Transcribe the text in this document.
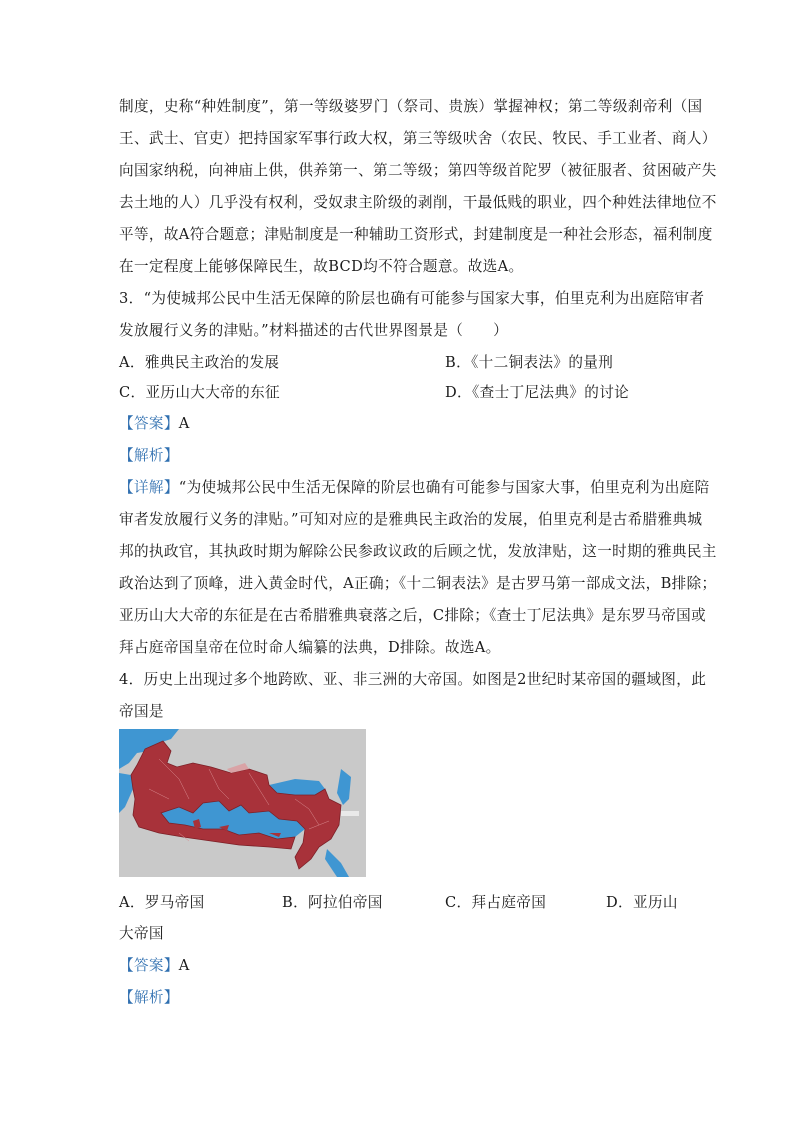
制度，史称“种姓制度”，第一等级婆罗门（祭司、贵族）掌握神权；第二等级刹帝利（国
王、武士、官吏）把持国家军事行政大权，第三等级吠舍（农民、牧民、手工业者、商人）
向国家纳税，向神庙上供，供养第一、第二等级；第四等级首陀罗（被征服者、贫困破产失
去土地的人）几乎没有权利，受奴隶主阶级的剥削，干最低贱的职业，四个种姓法律地位不
平等，故A符合题意；津贴制度是一种辅助工资形式，封建制度是一种社会形态，福利制度
在一定程度上能够保障民生，故BCD均不符合题意。故选A。
3．“为使城邦公民中生活无保障的阶层也确有可能参与国家大事，伯里克利为出庭陪审者
发放履行义务的津贴。”材料描述的古代世界图景是（　　）
A．雅典民主政治的发展	B．《十二铜表法》的量刑
C．亚历山大大帝的东征	D．《查士丁尼法典》的讨论
【答案】A
【解析】
【详解】“为使城邦公民中生活无保障的阶层也确有可能参与国家大事，伯里克利为出庭陪
审者发放履行义务的津贴。”可知对应的是雅典民主政治的发展，伯里克利是古希腊雅典城
邦的执政官，其执政时期为解除公民参政议政的后顾之忧，发放津贴，这一时期的雅典民主
政治达到了顶峰，进入黄金时代，A正确；《十二铜表法》是古罗马第一部成文法，B排除；
亚历山大大帝的东征是在古希腊雅典衰落之后，C排除；《查士丁尼法典》是东罗马帝国或
拜占庭帝国皇帝在位时命人编纂的法典，D排除。故选A。
4．历史上出现过多个地跨欧、亚、非三洲的大帝国。如图是2世纪时某帝国的疆域图，此
帝国是
A．罗马帝国	B．阿拉伯帝国	C．拜占庭帝国	D．亚历山
大帝国
【答案】A
【解析】
